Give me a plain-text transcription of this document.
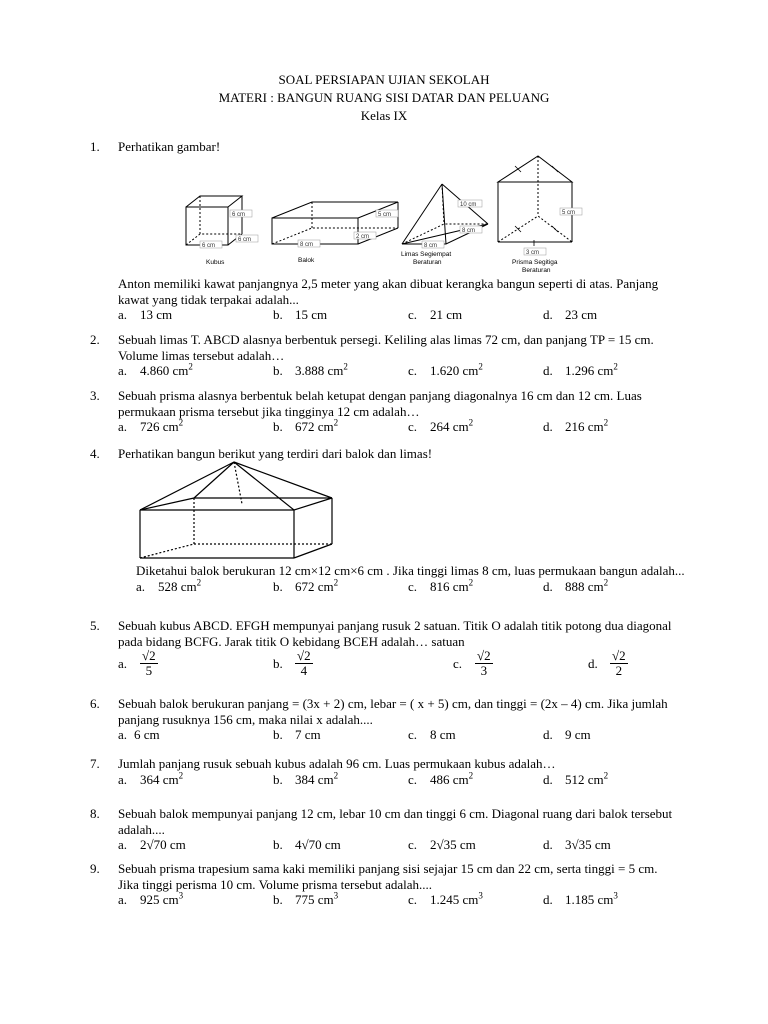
SOAL PERSIAPAN UJIAN SEKOLAH
MATERI : BANGUN RUANG SISI DATAR DAN PELUANG
Kelas IX
1. Perhatikan gambar!
6 cm
6 cm
6 cm
Kubus
5 cm
2 cm
8 cm
Balok
10 cm
8 cm
8 cm
Limas Segiempat
Beraturan
5 cm
3 cm
Prisma Segitiga
Beraturan
Anton memiliki kawat panjangnya 2,5 meter yang akan dibuat kerangka bangun seperti di atas. Panjang kawat yang tidak terpakai adalah...
a. 13 cm	b. 15 cm	c. 21 cm	d. 23 cm
2. Sebuah limas T. ABCD alasnya berbentuk persegi. Keliling alas limas 72 cm, dan panjang TP = 15 cm. Volume limas tersebut adalah…
a. 4.860 $cm^2$	b. 3.888 $cm^2$	c. 1.620 $cm^2$	d. 1.296 $cm^2$
3. Sebuah prisma alasnya berbentuk belah ketupat dengan panjang diagonalnya 16 cm dan 12 cm. Luas permukaan prisma tersebut jika tingginya 12 cm adalah…
a. 726 $cm^2$	b. 672 $cm^2$	c. 264 $cm^2$	d. 216 $cm^2$
4. Perhatikan bangun berikut yang terdiri dari balok dan limas!
Diketahui balok berukuran 12 cm×12 cm×6 cm . Jika tinggi limas 8 cm, luas permukaan bangun adalah...
a. 528 $cm^2$	b. 672 $cm^2$	c. 816 $cm^2$	d. 888 $cm^2$
5. Sebuah kubus ABCD. EFGH mempunyai panjang rusuk 2 satuan. Titik O adalah titik potong dua diagonal pada bidang BCFG. Jarak titik O kebidang BCEH adalah… satuan
a. $\frac{√2}{5}$	b. $\frac{√2}{4}$	c. $\frac{√2}{3}$	d. $\frac{√2}{2}$
6. Sebuah balok berukuran panjang = (3x + 2) cm, lebar = ( x + 5) cm, dan tinggi = (2x – 4) cm. Jika jumlah panjang rusuknya 156 cm, maka nilai x adalah....
a. 6 cm	b. 7 cm	c. 8 cm	d. 9 cm
7. Jumlah panjang rusuk sebuah kubus adalah 96 cm. Luas permukaan kubus adalah…
a. 364 $cm^2$	b. 384 $cm^2$	c. 486 $cm^2$	d. 512 $cm^2$
8. Sebuah balok mempunyai panjang 12 cm, lebar 10 cm dan tinggi 6 cm. Diagonal ruang dari balok tersebut adalah....
a. 2√70 cm	b. 4√70 cm	c. 2√35 cm	d. 3√35 cm
9. Sebuah prisma trapesium sama kaki memiliki panjang sisi sejajar 15 cm dan 22 cm, serta tinggi = 5 cm. Jika tinggi perisma 10 cm. Volume prisma tersebut adalah....
a. 925 $cm^3$	b. 775 $cm^3$	c. 1.245 $cm^3$	d. 1.185 $cm^3$
